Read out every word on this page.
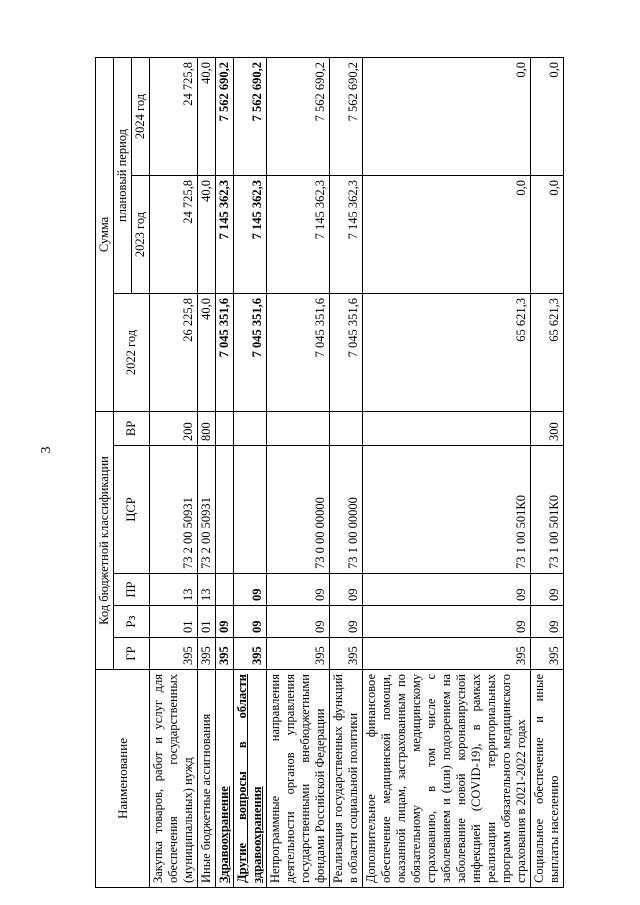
3
Наименование	Код бюджетной классификации					Сумма		
	ГР	Рз	ПР	ЦСР	ВР	2022 год	плановый период	
							2023 год	2024 год
Закупка товаров, работ и услуг для обеспечения государственных (муниципальных) нужд	395	01	13	73 2 00 50931	200	26 225,8	24 725,8	24 725,8
Иные бюджетные ассигнования	395	01	13	73 2 00 50931	800	40,0	40,0	40,0
Здравоохранение	395	09				7 045 351,6	7 145 362,3	7 562 690,2
Другие вопросы в области здравоохранения	395	09	09			7 045 351,6	7 145 362,3	7 562 690,2
Непрограммные направления деятельности органов управления государственными внебюджетными фондами Российской Федерации	395	09	09	73 0 00 00000		7 045 351,6	7 145 362,3	7 562 690,2
Реализация государственных функций в области социальной политики	395	09	09	73 1 00 00000		7 045 351,6	7 145 362,3	7 562 690,2
Дополнительное финансовое обеспечение медицинской помощи, оказанной лицам, застрахованным по обязательному медицинскому страхованию, в том числе с заболеванием и (или) подозрением на заболевание новой коронавирусной инфекцией (COVID-19), в рамках реализации территориальных программ обязательного медицинского страхования в 2021-2022 годах	395	09	09	73 1 00 501К0		65 621,3	0,0	0,0
Социальное обеспечение и иные выплаты населению	395	09	09	73 1 00 501К0	300	65 621,3	0,0	0,0
